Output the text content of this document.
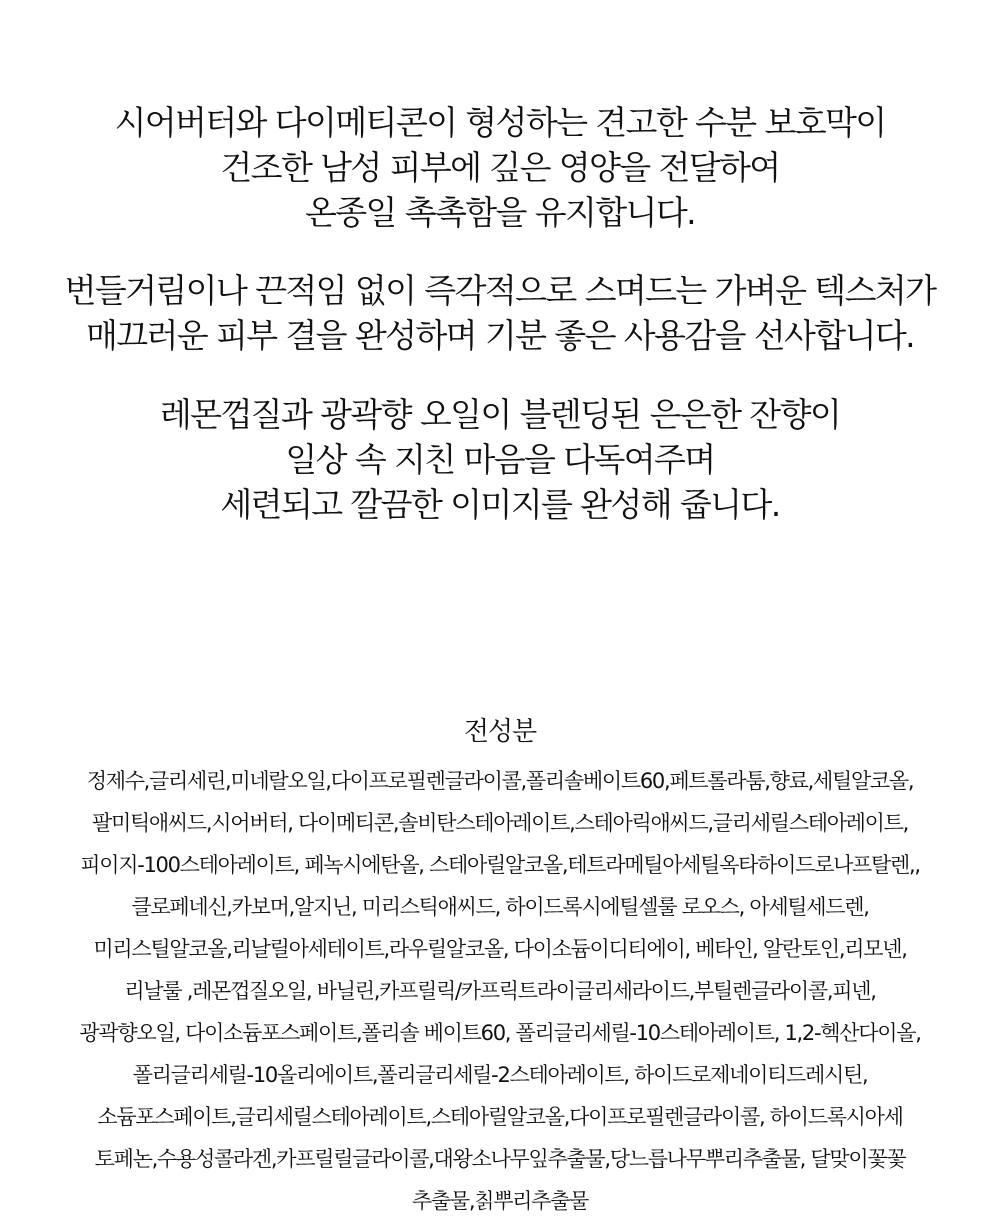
시어버터와 다이메티콘이 형성하는 견고한 수분 보호막이
건조한 남성 피부에 깊은 영양을 전달하여
온종일 촉촉함을 유지합니다.
번들거림이나 끈적임 없이 즉각적으로 스며드는 가벼운 텍스처가
매끄러운 피부 결을 완성하며 기분 좋은 사용감을 선사합니다.
레몬껍질과 광곽향 오일이 블렌딩된 은은한 잔향이
일상 속 지친 마음을 다독여주며
세련되고 깔끔한 이미지를 완성해 줍니다.
전성분
정제수,글리세린,미네랄오일,다이프로필렌글라이콜,폴리솔베이트60,페트롤라툼,향료,세틸알코올,
팔미틱애씨드,시어버터, 다이메티콘,솔비탄스테아레이트,스테아릭애씨드,글리세릴스테아레이트,
피이지-100스테아레이트, 페녹시에탄올, 스테아릴알코올,테트라메틸아세틸옥타하이드로나프탈렌,,
클로페네신,카보머,알지닌, 미리스틱애씨드, 하이드록시에틸셀룰 로오스, 아세틸세드렌,
미리스틸알코올,리날릴아세테이트,라우릴알코올, 다이소듐이디티에이, 베타인, 알란토인,리모넨,
리날룰 ,레몬껍질오일, 바닐린,카프릴릭/카프릭트라이글리세라이드,부틸렌글라이콜,피넨,
광곽향오일, 다이소듐포스페이트,폴리솔 베이트60, 폴리글리세릴-10스테아레이트, 1,2-헥산다이올,
폴리글리세릴-10올리에이트,폴리글리세릴-2스테아레이트, 하이드로제네이티드레시틴,
소듐포스페이트,글리세릴스테아레이트,스테아릴알코올,다이프로필렌글라이콜, 하이드록시아세
토페논,수용성콜라겐,카프릴릴글라이콜,대왕소나무잎추출물,당느릅나무뿌리추출물, 달맞이꽃꽃
추출물,칡뿌리추출물
